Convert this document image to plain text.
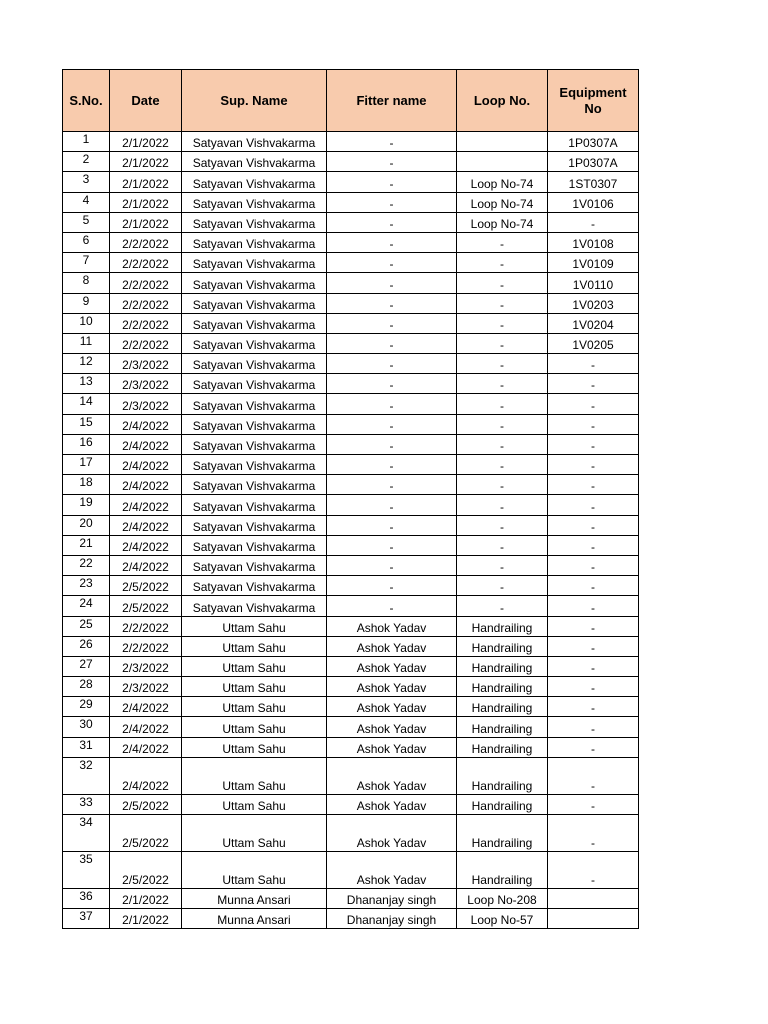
S.No.	Date	Sup. Name	Fitter name	Loop No.	Equipment No
1	2/1/2022	Satyavan Vishvakarma	-		1P0307A
2	2/1/2022	Satyavan Vishvakarma	-		1P0307A
3	2/1/2022	Satyavan Vishvakarma	-	Loop No-74	1ST0307
4	2/1/2022	Satyavan Vishvakarma	-	Loop No-74	1V0106
5	2/1/2022	Satyavan Vishvakarma	-	Loop No-74	-
6	2/2/2022	Satyavan Vishvakarma	-	-	1V0108
7	2/2/2022	Satyavan Vishvakarma	-	-	1V0109
8	2/2/2022	Satyavan Vishvakarma	-	-	1V0110
9	2/2/2022	Satyavan Vishvakarma	-	-	1V0203
10	2/2/2022	Satyavan Vishvakarma	-	-	1V0204
11	2/2/2022	Satyavan Vishvakarma	-	-	1V0205
12	2/3/2022	Satyavan Vishvakarma	-	-	-
13	2/3/2022	Satyavan Vishvakarma	-	-	-
14	2/3/2022	Satyavan Vishvakarma	-	-	-
15	2/4/2022	Satyavan Vishvakarma	-	-	-
16	2/4/2022	Satyavan Vishvakarma	-	-	-
17	2/4/2022	Satyavan Vishvakarma	-	-	-
18	2/4/2022	Satyavan Vishvakarma	-	-	-
19	2/4/2022	Satyavan Vishvakarma	-	-	-
20	2/4/2022	Satyavan Vishvakarma	-	-	-
21	2/4/2022	Satyavan Vishvakarma	-	-	-
22	2/4/2022	Satyavan Vishvakarma	-	-	-
23	2/5/2022	Satyavan Vishvakarma	-	-	-
24	2/5/2022	Satyavan Vishvakarma	-	-	-
25	2/2/2022	Uttam Sahu	Ashok Yadav	Handrailing	-
26	2/2/2022	Uttam Sahu	Ashok Yadav	Handrailing	-
27	2/3/2022	Uttam Sahu	Ashok Yadav	Handrailing	-
28	2/3/2022	Uttam Sahu	Ashok Yadav	Handrailing	-
29	2/4/2022	Uttam Sahu	Ashok Yadav	Handrailing	-
30	2/4/2022	Uttam Sahu	Ashok Yadav	Handrailing	-
31	2/4/2022	Uttam Sahu	Ashok Yadav	Handrailing	-
32	2/4/2022	Uttam Sahu	Ashok Yadav	Handrailing	-
33	2/5/2022	Uttam Sahu	Ashok Yadav	Handrailing	-
34	2/5/2022	Uttam Sahu	Ashok Yadav	Handrailing	-
35	2/5/2022	Uttam Sahu	Ashok Yadav	Handrailing	-
36	2/1/2022	Munna Ansari	Dhananjay singh	Loop No-208	
37	2/1/2022	Munna Ansari	Dhananjay singh	Loop No-57	
